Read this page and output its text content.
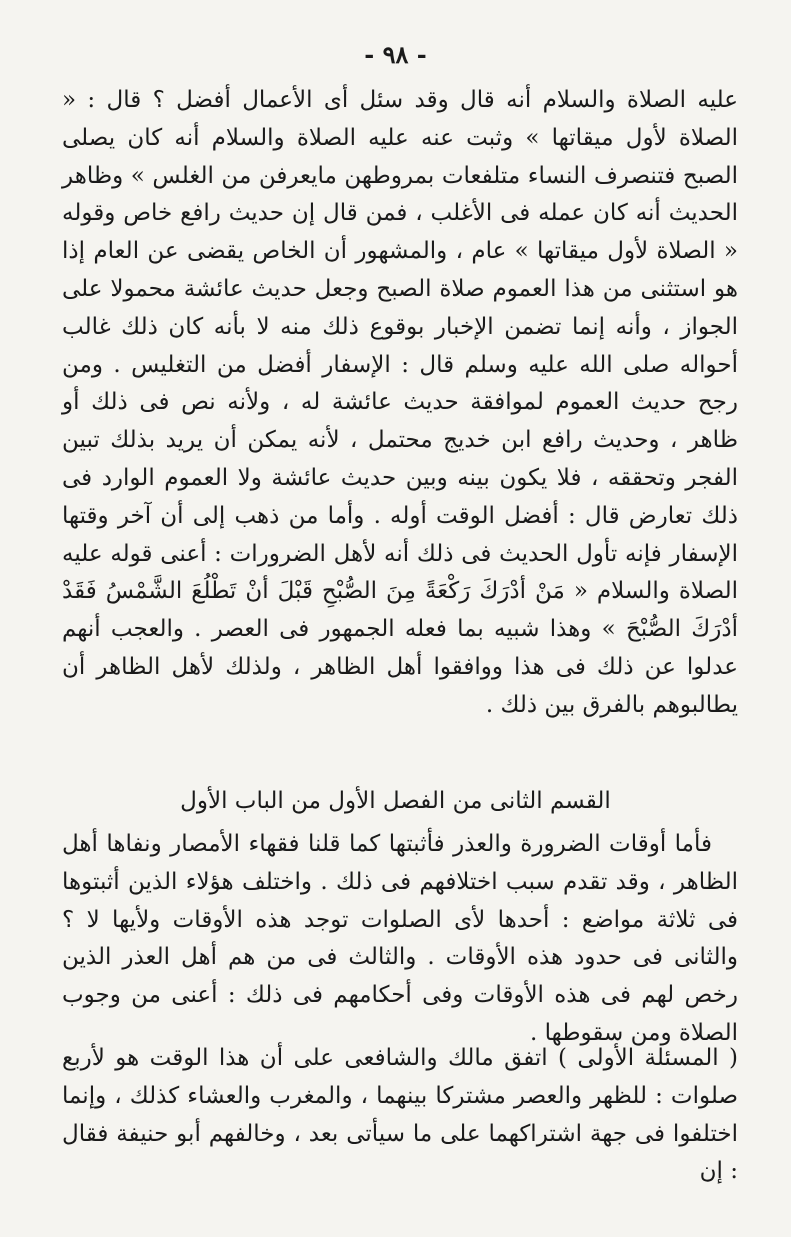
- ٩٨ -

عليه الصلاة والسلام أنه قال وقد سئل أى الأعمال أفضل ؟ قال : « الصلاة لأول ميقاتها » وثبت عنه عليه الصلاة والسلام أنه كان يصلى الصبح فتنصرف النساء متلفعات بمروطهن مايعرفن من الغلس » وظاهر الحديث أنه كان عمله فى الأغلب ، فمن قال إن حديث رافع خاص وقوله « الصلاة لأول ميقاتها » عام ، والمشهور أن الخاص يقضى عن العام إذا هو استثنى من هذا العموم صلاة الصبح وجعل حديث عائشة محمولا على الجواز ، وأنه إنما تضمن الإخبار بوقوع ذلك منه لا بأنه كان ذلك غالب أحواله صلى الله عليه وسلم قال : الإسفار أفضل من التغليس . ومن رجح حديث العموم لموافقة حديث عائشة له ، ولأنه نص فى ذلك أو ظاهر ، وحديث رافع ابن خديج محتمل ، لأنه يمكن أن يريد بذلك تبين الفجر وتحققه ، فلا يكون بينه وبين حديث عائشة ولا العموم الوارد فى ذلك تعارض قال : أفضل الوقت أوله . وأما من ذهب إلى أن آخر وقتها الإسفار فإنه تأول الحديث فى ذلك أنه لأهل الضرورات : أعنى قوله عليه الصلاة والسلام « مَنْ أدْرَكَ رَكْعَةً مِنَ الصُّبْحِ قَبْلَ أنْ تَطْلُعَ الشَّمْسُ فَقَدْ أدْرَكَ الصُّبْحَ » وهذا شبيه بما فعله الجمهور فى العصر . والعجب أنهم عدلوا عن ذلك فى هذا ووافقوا أهل الظاهر ، ولذلك لأهل الظاهر أن يطالبوهم بالفرق بين ذلك .

القسم الثانى من الفصل الأول من الباب الأول

فأما أوقات الضرورة والعذر فأثبتها كما قلنا فقهاء الأمصار ونفاها أهل الظاهر ، وقد تقدم سبب اختلافهم فى ذلك . واختلف هؤلاء الذين أثبتوها فى ثلاثة مواضع : أحدها لأى الصلوات توجد هذه الأوقات ولأيها لا ؟ والثانى فى حدود هذه الأوقات . والثالث فى من هم أهل العذر الذين رخص لهم فى هذه الأوقات وفى أحكامهم فى ذلك : أعنى من وجوب الصلاة ومن سقوطها .

( المسئلة الأولى ) اتفق مالك والشافعى على أن هذا الوقت هو لأربع صلوات : للظهر والعصر مشتركا بينهما ، والمغرب والعشاء كذلك ، وإنما اختلفوا فى جهة اشتراكهما على ما سيأتى بعد ، وخالفهم أبو حنيفة فقال : إن
